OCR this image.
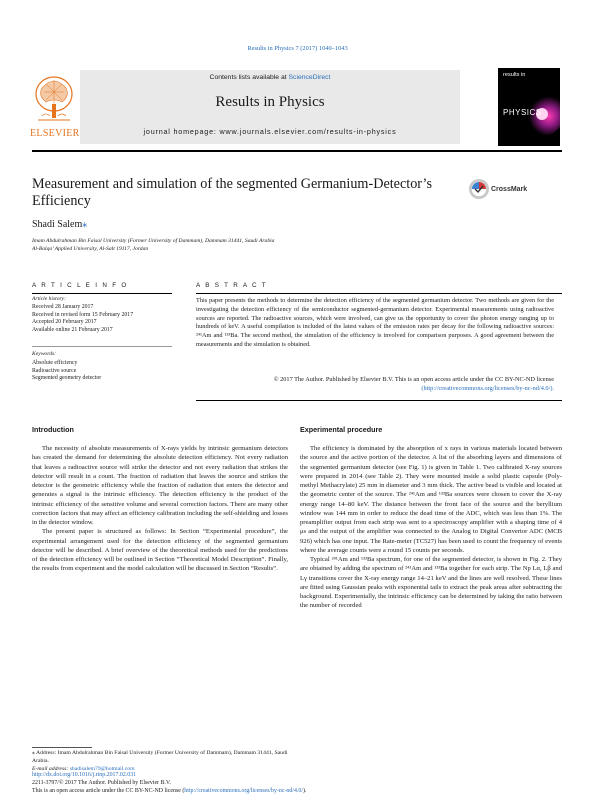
Results in Physics 7 (2017) 1040–1043
Contents lists available at ScienceDirect
Results in Physics
journal homepage: www.journals.elsevier.com/results-in-physics
ELSEVIER
results in
PHYSICS
Measurement and simulation of the segmented Germanium-Detector’s Efficiency
CrossMark
Shadi Salem⁎
Imam Abdulrahman Bin Faisal University (Former University of Dammam), Dammam 31441, Saudi Arabia
Al-Balqa’ Applied University, Al-Salt 19117, Jordan
A R T I C L E I N F O
Article history:
Received 28 January 2017
Received in revised form 15 February 2017
Accepted 20 February 2017
Available online 21 February 2017
Keywords:
Absolute efficiency
Radioactive source
Segmented geometry detector
A B S T R A C T
This paper presents the methods to determine the detection efficiency of the segmented germanium detector. Two methods are given for the investigating the detection efficiency of the semiconductor segmented-germanium detector. Experimental measurements using radioactive sources are reported. The radioactive sources, which were involved, can give us the opportunity to cover the photon energy ranging up to hundreds of keV. A useful compilation is included of the latest values of the emission rates per decay for the following radioactive sources: ²⁴¹Am and ¹³³Ba. The second method, the simulation of the efficiency is involved for comparison purposes. A good agreement between the measurements and the simulation is obtained.
© 2017 The Author. Published by Elsevier B.V. This is an open access article under the CC BY-NC-ND license
(http://creativecommons.org/licenses/by-nc-nd/4.0/).
Introduction

The necessity of absolute measurements of X-rays yields by intrinsic germanium detectors has created the demand for determining the absolute detection efficiency. Not every radiation that leaves a radioactive source will strike the detector and not every radiation that strikes the detector will result in a count. The fraction of radiation that leaves the source and strikes the detector is the geometric efficiency while the fraction of radiation that enters the detector and generates a signal is the intrinsic efficiency. The detection efficiency is the product of the intrinsic efficiency of the sensitive volume and several correction factors. There are many other correction factors that may affect an efficiency calibration including the self-shielding and losses in the detector window.

The present paper is structured as follows: In Section “Experimental procedure”, the experimental arrangement used for the detection efficiency of the segmented germanium detector will be described. A brief overview of the theoretical methods used for the predictions of the detection efficiency will be outlined in Section “Theoretical Model Description”. Finally, the results from experiment and the model calculation will be discussed in Section “Results”.

⁎ Address: Imam Abdulrahman Bin Faisal University (Former University of Dammam), Dammam 31441, Saudi Arabia.
E-mail address: shadisalem79@hotmail.com
Experimental procedure

The efficiency is dominated by the absorption of x rays in various materials located between the source and the active portion of the detector. A list of the absorbing layers and dimensions of the segmented germanium detector (see Fig. 1) is given in Table 1. Two calibrated X-ray sources were prepared in 2014 (see Table 2). They were mounted inside a solid plastic capsule (Poly-methyl Methacrylate) 25 mm in diameter and 3 mm thick. The active bead is visible and located at the geometric center of the source. The ²⁴¹Am and ¹³³Ba sources were chosen to cover the X-ray energy range 14–80 keV. The distance between the front face of the source and the beryllium window was 144 mm in order to reduce the dead time of the ADC, which was less than 1%. The preamplifier output from each strip was sent to a spectroscopy amplifier with a shaping time of 4 μs and the output of the amplifier was connected to the Analog to Digital Convertor ADC (MCB 926) which has one input. The Rate-meter (TC527) has been used to count the frequency of events where the average counts were a round 15 counts per seconds.

Typical ²⁴¹Am and ¹³³Ba spectrum, for one of the segmented detector, is shown in Fig. 2. They are obtained by adding the spectrum of ²⁴¹Am and ¹³³Ba together for each strip. The Np Lα, Lβ and Lγ transitions cover the X-ray energy range 14–21 keV and the lines are well resolved. These lines are fitted using Gaussian peaks with exponential tails to extract the peak areas after subtracting the background. Experimentally, the intrinsic efficiency can be determined by taking the ratio between the number of recorded

http://dx.doi.org/10.1016/j.rinp.2017.02.031
2211-3797/© 2017 The Author. Published by Elsevier B.V.
This is an open access article under the CC BY-NC-ND license (http://creativecommons.org/licenses/by-nc-nd/4.0/).
